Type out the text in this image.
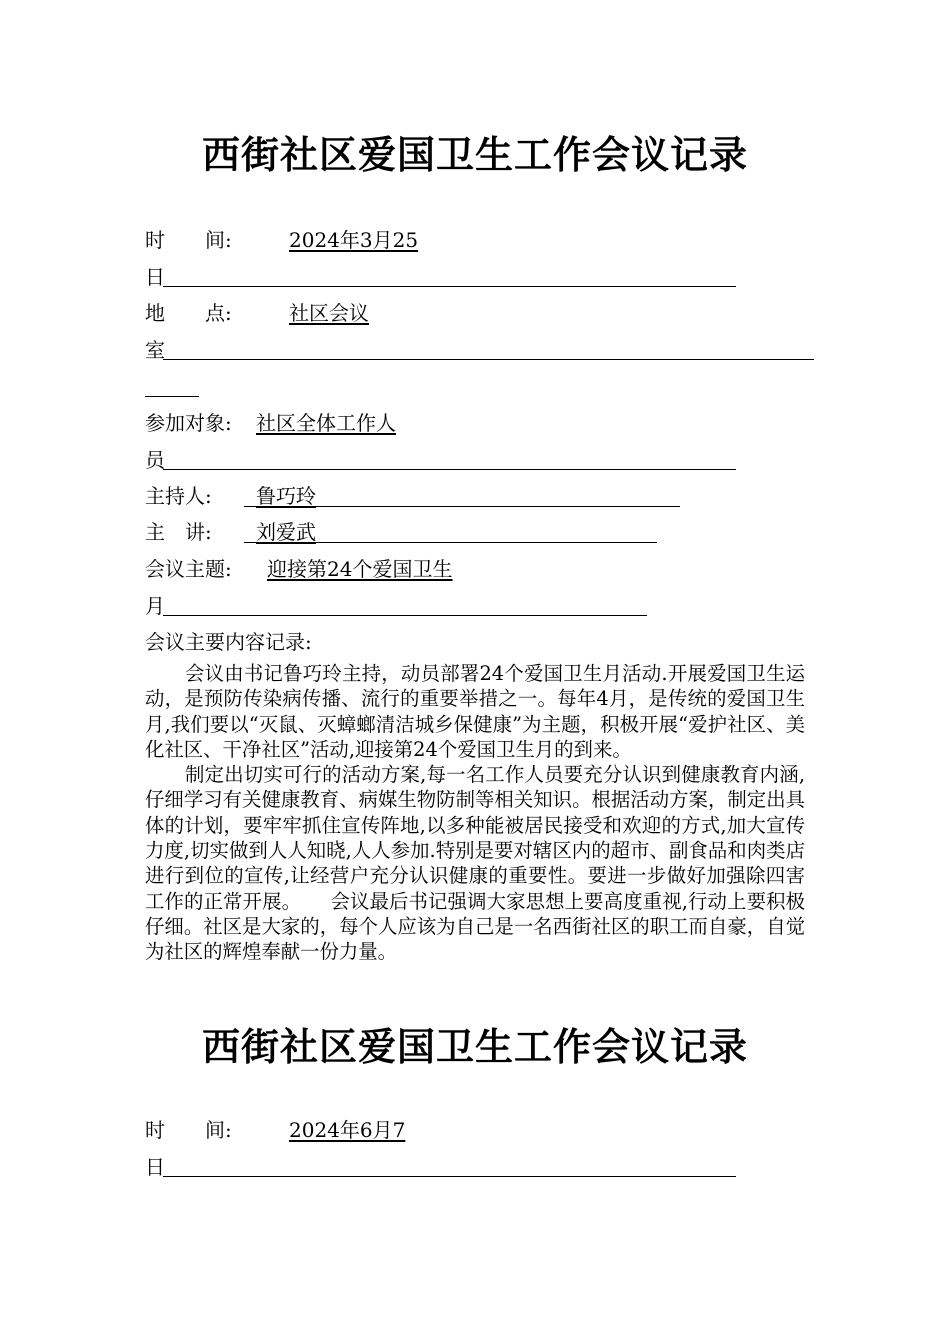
西街社区爱国卫生工作会议记录
时　　间:	2024年3月25
日
地　　点:	社区会议
室
参加对象: 社区全体工作人
员
主持人: 鲁巧玲
主　讲: 刘爱武
会议主题: 迎接第24个爱国卫生
月
会议主要内容记录:

会议由书记鲁巧玲主持，动员部署24个爱国卫生月活动.开展爱国卫生运动，是预防传染病传播、流行的重要举措之一。每年4月，是传统的爱国卫生月,我们要以“灭鼠、灭蟑螂清洁城乡保健康”为主题，积极开展“爱护社区、美化社区、干净社区”活动,迎接第24个爱国卫生月的到来。

制定出切实可行的活动方案,每一名工作人员要充分认识到健康教育内涵,仔细学习有关健康教育、病媒生物防制等相关知识。根据活动方案，制定出具体的计划，要牢牢抓住宣传阵地,以多种能被居民接受和欢迎的方式,加大宣传力度,切实做到人人知晓,人人参加.特别是要对辖区内的超市、副食品和肉类店进行到位的宣传,让经营户充分认识健康的重要性。要进一步做好加强除四害工作的正常开展。　　会议最后书记强调大家思想上要高度重视,行动上要积极仔细。社区是大家的，每个人应该为自己是一名西街社区的职工而自豪，自觉为社区的辉煌奉献一份力量。

西街社区爱国卫生工作会议记录
时　　间:	2024年6月7
日
